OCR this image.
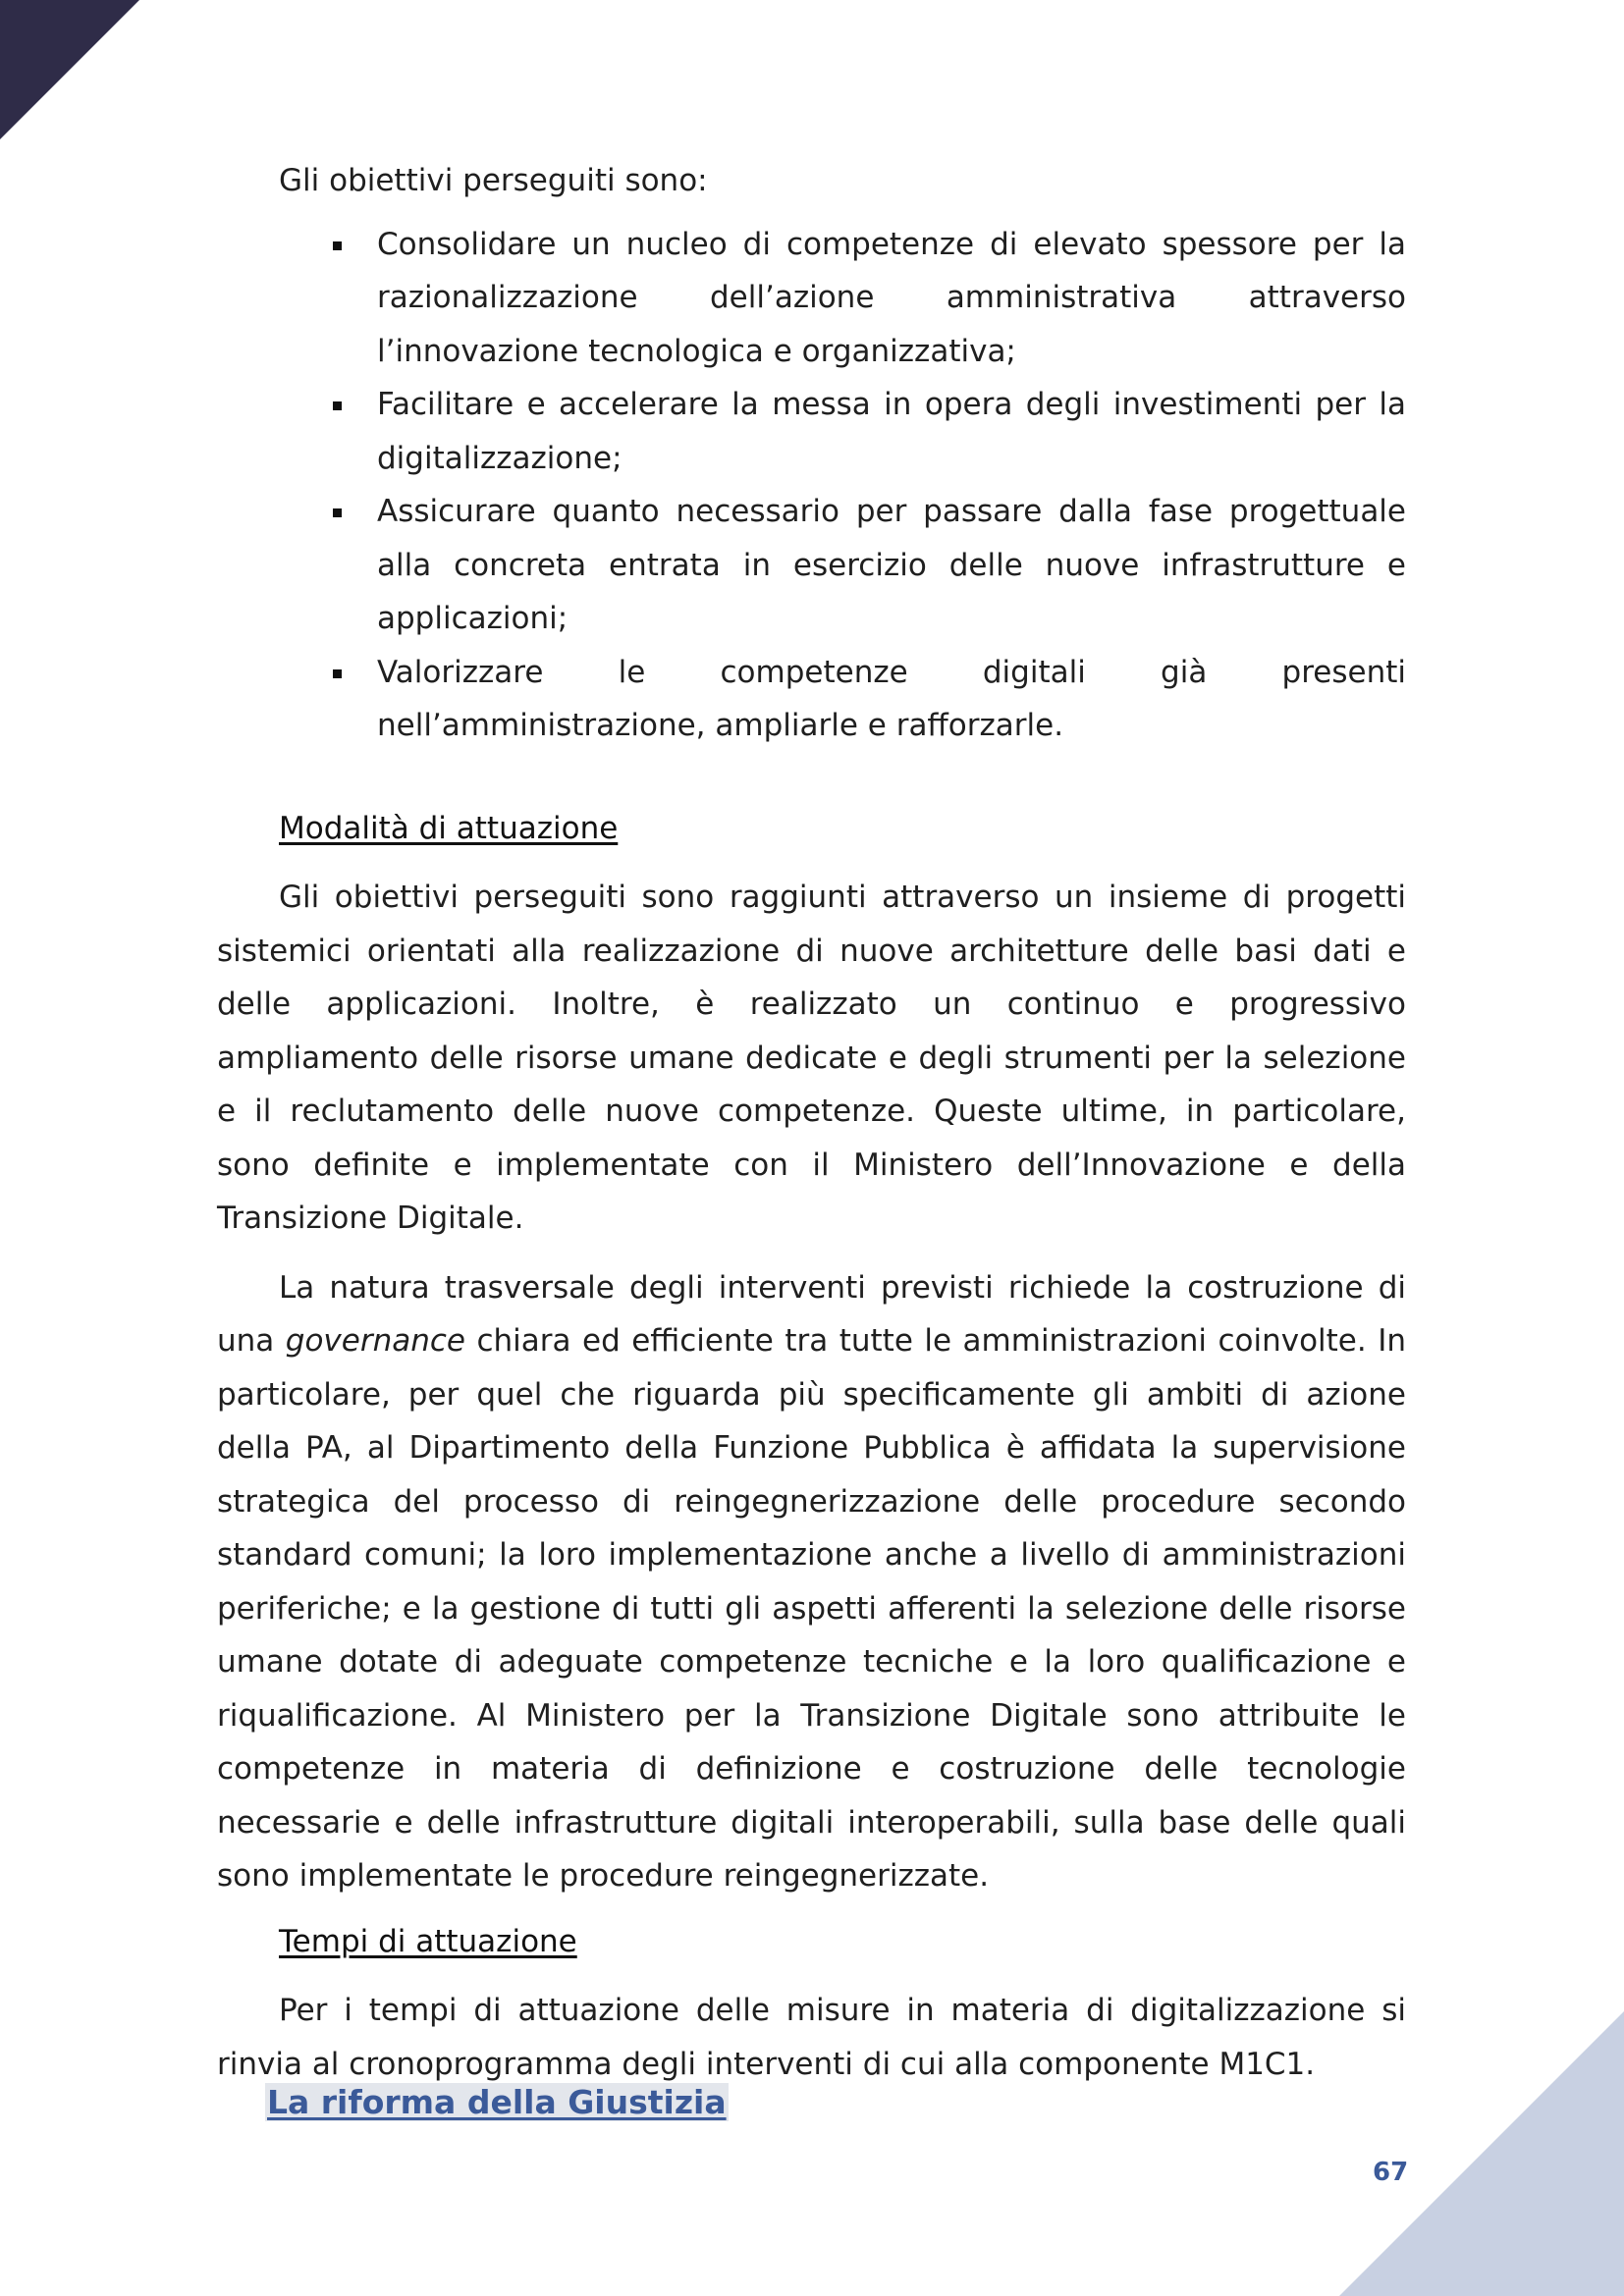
Gli obiettivi perseguiti sono:

Consolidare un nucleo di competenze di elevato spessore per la razionalizzazione dell’azione amministrativa attraverso l’innovazione tecnologica e organizzativa;
Facilitare e accelerare la messa in opera degli investimenti per la digitalizzazione;
Assicurare quanto necessario per passare dalla fase progettuale alla concreta entrata in esercizio delle nuove infrastrutture e applicazioni;
Valorizzare le competenze digitali già presenti nell’amministrazione, ampliarle e rafforzarle.
Modalità di attuazione

Gli obiettivi perseguiti sono raggiunti attraverso un insieme di progetti sistemici orientati alla realizzazione di nuove architetture delle basi dati e delle applicazioni. Inoltre, è realizzato un continuo e progressivo ampliamento delle risorse umane dedicate e degli strumenti per la selezione e il reclutamento delle nuove competenze. Queste ultime, in particolare, sono definite e implementate con il Ministero dell’Innovazione e della Transizione Digitale.

La natura trasversale degli interventi previsti richiede la costruzione di una governance chiara ed efficiente tra tutte le amministrazioni coinvolte. In particolare, per quel che riguarda più specificamente gli ambiti di azione della PA, al Dipartimento della Funzione Pubblica è affidata la supervisione strategica del processo di reingegnerizzazione delle procedure secondo standard comuni; la loro implementazione anche a livello di amministrazioni periferiche; e la gestione di tutti gli aspetti afferenti la selezione delle risorse umane dotate di adeguate competenze tecniche e la loro qualificazione e riqualificazione. Al Ministero per la Transizione Digitale sono attribuite le competenze in materia di definizione e costruzione delle tecnologie necessarie e delle infrastrutture digitali interoperabili, sulla base delle quali sono implementate le procedure reingegnerizzate.

Tempi di attuazione

Per i tempi di attuazione delle misure in materia di digitalizzazione si rinvia al cronoprogramma degli interventi di cui alla componente M1C1.

La riforma della Giustizia
67
